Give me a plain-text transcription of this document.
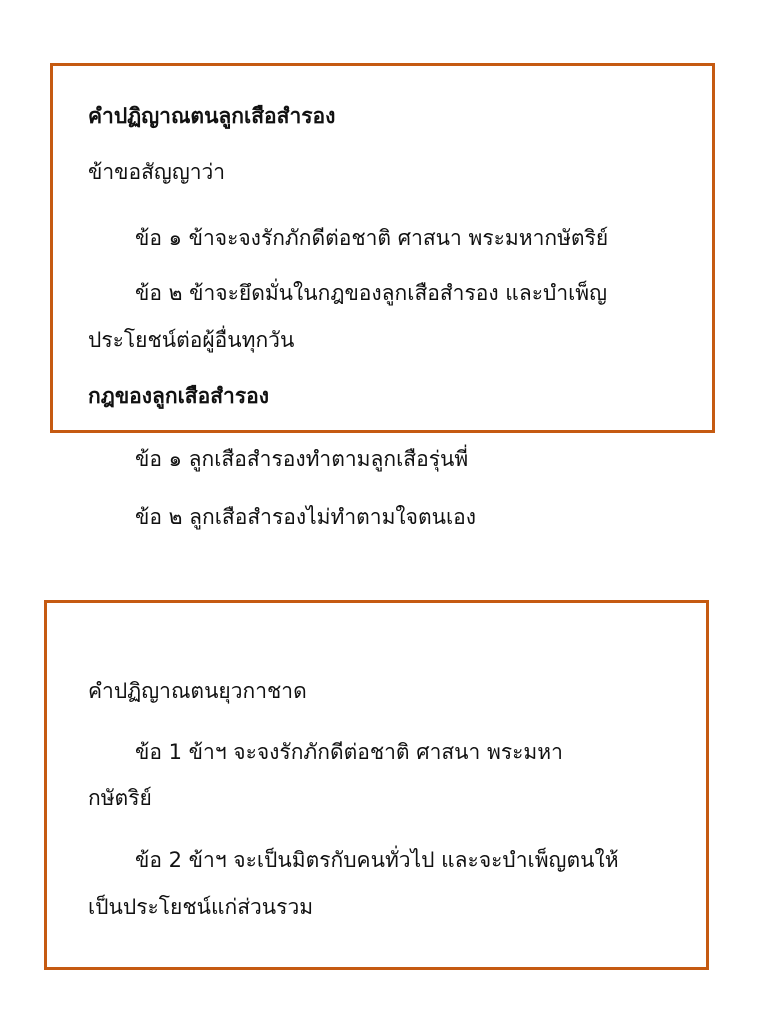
คำปฏิญาณตนลูกเสือสำรอง
ข้าขอสัญญาว่า
ข้อ ๑ ข้าจะจงรักภักดีต่อชาติ ศาสนา พระมหากษัตริย์
ข้อ ๒ ข้าจะยึดมั่นในกฎของลูกเสือสำรอง และบำเพ็ญ
ประโยชน์ต่อผู้อื่นทุกวัน
กฎของลูกเสือสำรอง
ข้อ ๑ ลูกเสือสำรองทำตามลูกเสือรุ่นพี่
ข้อ ๒ ลูกเสือสำรองไม่ทำตามใจตนเอง
คำปฏิญาณตนยุวกาชาด
ข้อ 1 ข้าฯ จะจงรักภักดีต่อชาติ ศาสนา พระมหา
กษัตริย์
ข้อ 2 ข้าฯ จะเป็นมิตรกับคนทั่วไป และจะบำเพ็ญตนให้
เป็นประโยชน์แก่ส่วนรวม
